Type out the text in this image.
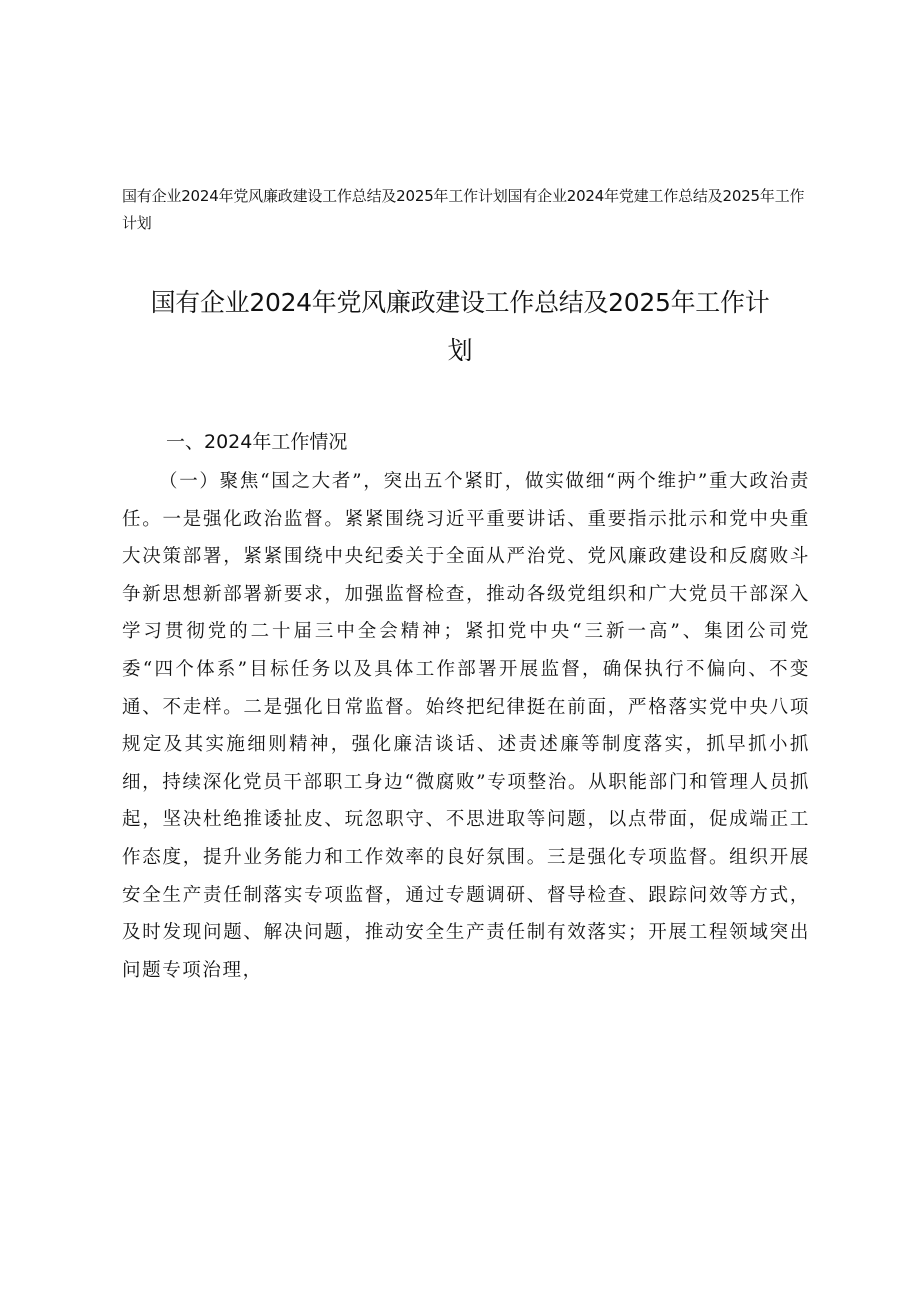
国有企业2024年党风廉政建设工作总结及2025年工作计划国有企业2024年党建工作总结及2025年工作计划
国有企业2024年党风廉政建设工作总结及2025年工作计划
一、2024年工作情况

（一）聚焦“国之大者”，突出五个紧盯，做实做细“两个维护”重大政治责任。一是强化政治监督。紧紧围绕习近平重要讲话、重要指示批示和党中央重大决策部署，紧紧围绕中央纪委关于全面从严治党、党风廉政建设和反腐败斗争新思想新部署新要求，加强监督检查，推动各级党组织和广大党员干部深入学习贯彻党的二十届三中全会精神；紧扣党中央“三新一高”、集团公司党委“四个体系”目标任务以及具体工作部署开展监督，确保执行不偏向、不变通、不走样。二是强化日常监督。始终把纪律挺在前面，严格落实党中央八项规定及其实施细则精神，强化廉洁谈话、述责述廉等制度落实，抓早抓小抓细，持续深化党员干部职工身边“微腐败”专项整治。从职能部门和管理人员抓起，坚决杜绝推诿扯皮、玩忽职守、不思进取等问题，以点带面，促成端正工作态度，提升业务能力和工作效率的良好氛围。三是强化专项监督。组织开展安全生产责任制落实专项监督，通过专题调研、督导检查、跟踪问效等方式，及时发现问题、解决问题，推动安全生产责任制有效落实；开展工程领域突出问题专项治理，
